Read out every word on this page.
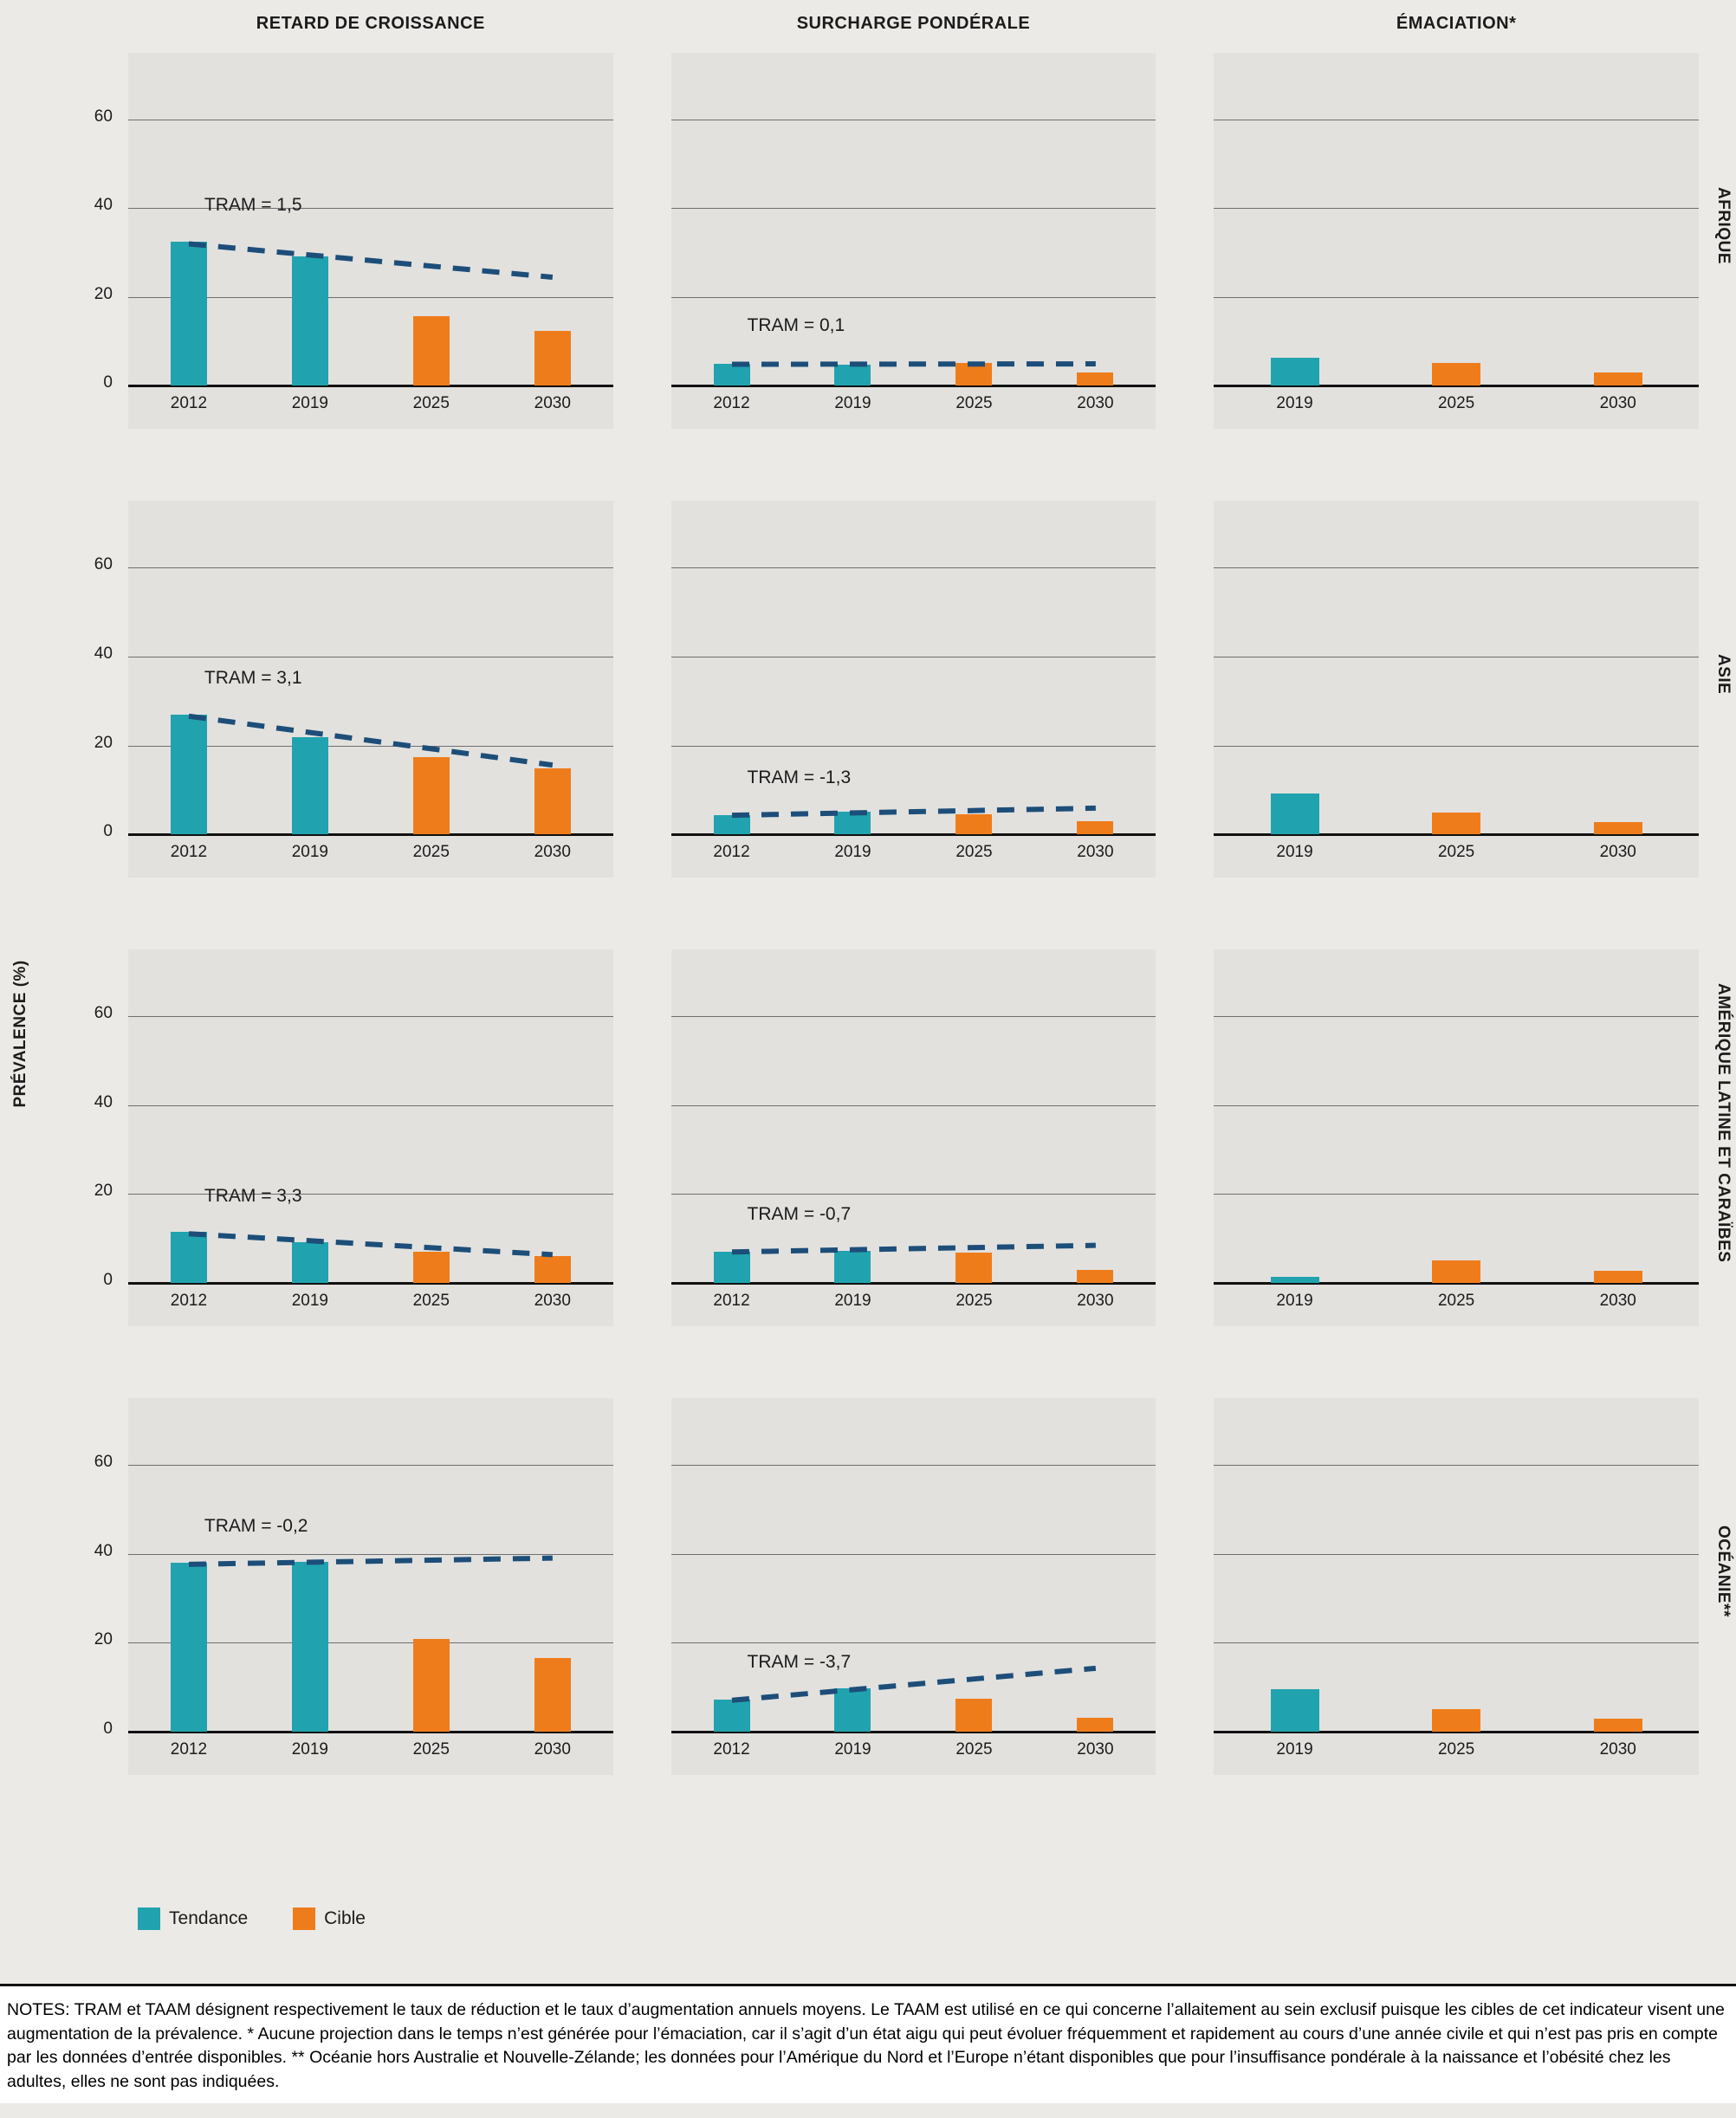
PRÉVALENCE (%)
RETARD DE CROISSANCE	SURCHARGE PONDÉRALE	ÉMACIATION*
AFRIQUE
ASIE
AMÉRIQUE LATINE ET CARAÏBES
OCÉANIE**
TRAM = 1,5
2012	2019	2025	2030
0
20
40
60
TRAM = 0,1
2012	2019	2025	2030	2019	2025	2030
TRAM = 3,1
2012	2019	2025	2030
0
20
40
60
TRAM = -1,3
2012	2019	2025	2030	2019	2025	2030
TRAM = 3,3
2012	2019	2025	2030
0
20
40
60
TRAM = -0,7
2012	2019	2025	2030	2019	2025	2030
TRAM = -0,2
2012	2019	2025	2030
0
20
40
60
TRAM = -3,7
2012	2019	2025	2030	2019	2025	2030
Tendance	Cible
NOTES: TRAM et TAAM désignent respectivement le taux de réduction et le taux d’augmentation annuels moyens. Le TAAM est utilisé en ce qui concerne l’allaitement au sein exclusif puisque les cibles de cet indicateur visent une augmentation de la prévalence. * Aucune projection dans le temps n’est générée pour l’émaciation, car il s’agit d’un état aigu qui peut évoluer fréquemment et rapidement au cours d’une année civile et qui n’est pas pris en compte par les données d’entrée disponibles. ** Océanie hors Australie et Nouvelle-Zélande; les données pour l’Amérique du Nord et l’Europe n’étant disponibles que pour l’insuffisance pondérale à la naissance et l’obésité chez les adultes, elles ne sont pas indiquées.
